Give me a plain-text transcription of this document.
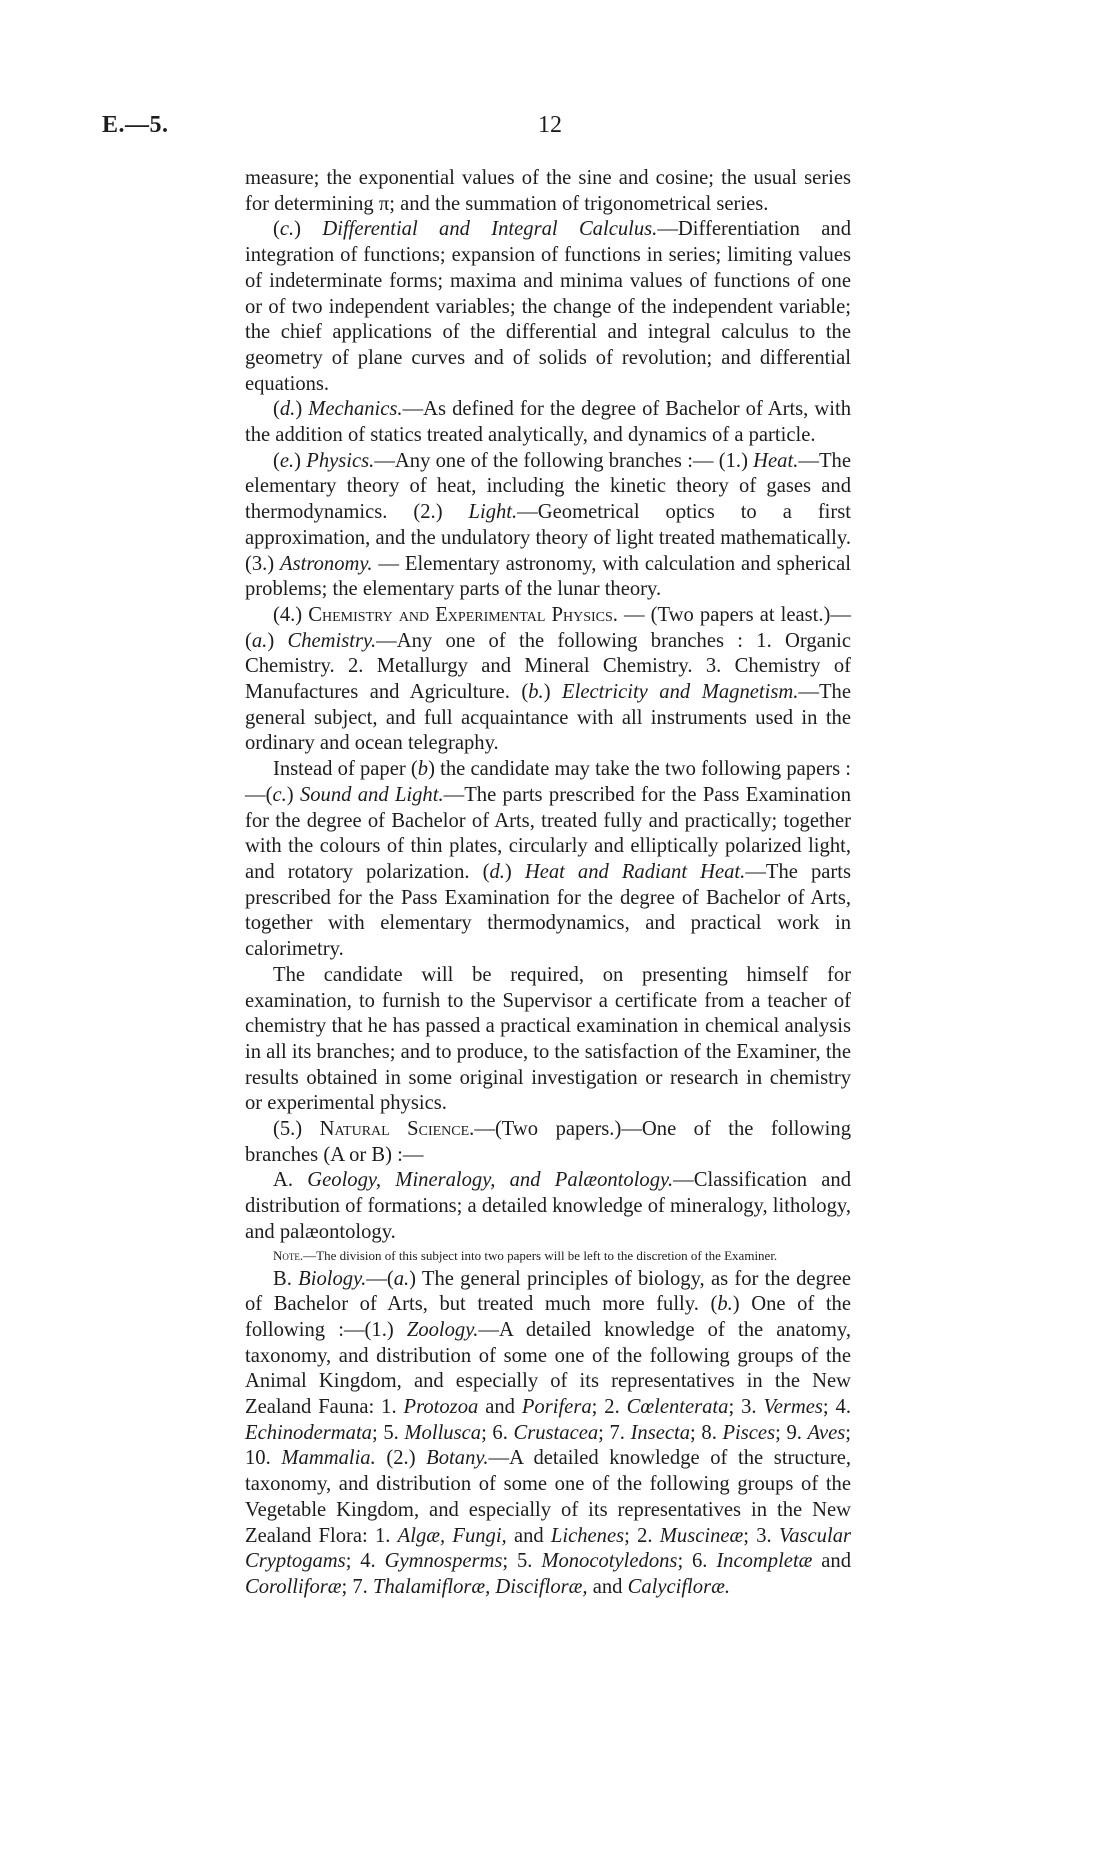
E.—5.	12

measure; the exponential values of the sine and cosine; the usual series for determining π; and the summation of trigonometrical series.

(c.) Differential and Integral Calculus.—Differentiation and integration of functions; expansion of functions in series; limiting values of indeterminate forms; maxima and minima values of functions of one or of two independent variables; the change of the independent variable; the chief applications of the differential and integral calculus to the geometry of plane curves and of solids of revolution; and differential equations.

(d.) Mechanics.—As defined for the degree of Bachelor of Arts, with the addition of statics treated analytically, and dynamics of a particle.

(e.) Physics.—Any one of the following branches :— (1.) Heat.—The elementary theory of heat, including the kinetic theory of gases and thermodynamics. (2.) Light.—Geometrical optics to a first approximation, and the undulatory theory of light treated mathematically. (3.) Astronomy. — Elementary astronomy, with calculation and spherical problems; the elementary parts of the lunar theory.

(4.) Chemistry and Experimental Physics. — (Two papers at least.)—(a.) Chemistry.—Any one of the following branches : 1. Organic Chemistry. 2. Metallurgy and Mineral Chemistry. 3. Chemistry of Manufactures and Agriculture. (b.) Electricity and Magnetism.—The general subject, and full acquaintance with all instruments used in the ordinary and ocean telegraphy.

Instead of paper (b) the candidate may take the two following papers :—(c.) Sound and Light.—The parts prescribed for the Pass Examination for the degree of Bachelor of Arts, treated fully and practically; together with the colours of thin plates, circularly and elliptically polarized light, and rotatory polarization. (d.) Heat and Radiant Heat.—The parts prescribed for the Pass Examination for the degree of Bachelor of Arts, together with elementary thermodynamics, and practical work in calorimetry.

The candidate will be required, on presenting himself for examination, to furnish to the Supervisor a certificate from a teacher of chemistry that he has passed a practical examination in chemical analysis in all its branches; and to produce, to the satisfaction of the Examiner, the results obtained in some original investigation or research in chemistry or experimental physics.

(5.) Natural Science.—(Two papers.)—One of the following branches (A or B) :—

A. Geology, Mineralogy, and Palæontology.—Classification and distribution of formations; a detailed knowledge of mineralogy, lithology, and palæontology.

Note.—The division of this subject into two papers will be left to the discretion of the Examiner.

B. Biology.—(a.) The general principles of biology, as for the degree of Bachelor of Arts, but treated much more fully. (b.) One of the following :—(1.) Zoology.—A detailed knowledge of the anatomy, taxonomy, and distribution of some one of the following groups of the Animal Kingdom, and especially of its representatives in the New Zealand Fauna: 1. Protozoa and Porifera; 2. Cœlenterata; 3. Vermes; 4. Echinodermata; 5. Mollusca; 6. Crustacea; 7. Insecta; 8. Pisces; 9. Aves; 10. Mammalia. (2.) Botany.—A detailed knowledge of the structure, taxonomy, and distribution of some one of the following groups of the Vegetable Kingdom, and especially of its representatives in the New Zealand Flora: 1. Algæ, Fungi, and Lichenes; 2. Muscineæ; 3. Vascular Cryptogams; 4. Gymnosperms; 5. Monocotyledons; 6. Incompletæ and Corolliforæ; 7. Thalamifloræ, Discifloræ, and Calycifloræ.
